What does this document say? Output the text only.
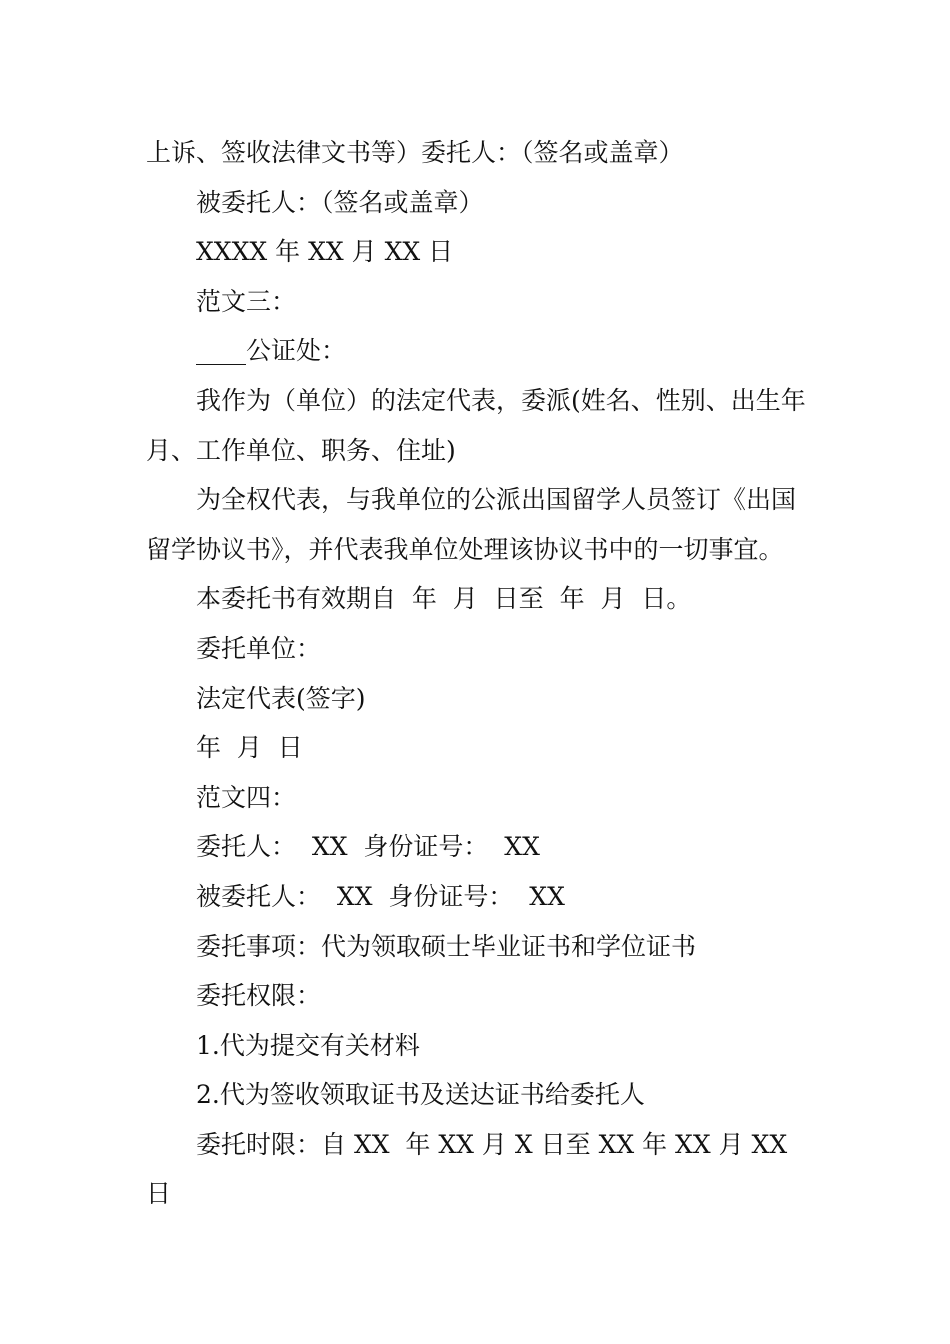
上诉、签收法律文书等）委托人：（签名或盖章）

被委托人：（签名或盖章）

XXXX 年 XX 月 XX 日

范文三：

____公证处：

我作为（单位）的法定代表，委派(姓名、性别、出生年月、工作单位、职务、住址)

为全权代表，与我单位的公派出国留学人员签订《出国留学协议书》，并代表我单位处理该协议书中的一切事宜。

本委托书有效期自  年  月  日至  年  月  日。

委托单位：

法定代表(签字)

年  月  日

范文四：

委托人：  XX  身份证号：  XX

被委托人：  XX  身份证号：  XX

委托事项：代为领取硕士毕业证书和学位证书

委托权限：

1.代为提交有关材料

2.代为签收领取证书及送达证书给委托人

委托时限：自 XX  年 XX 月 X 日至 XX 年 XX 月 XX 日
